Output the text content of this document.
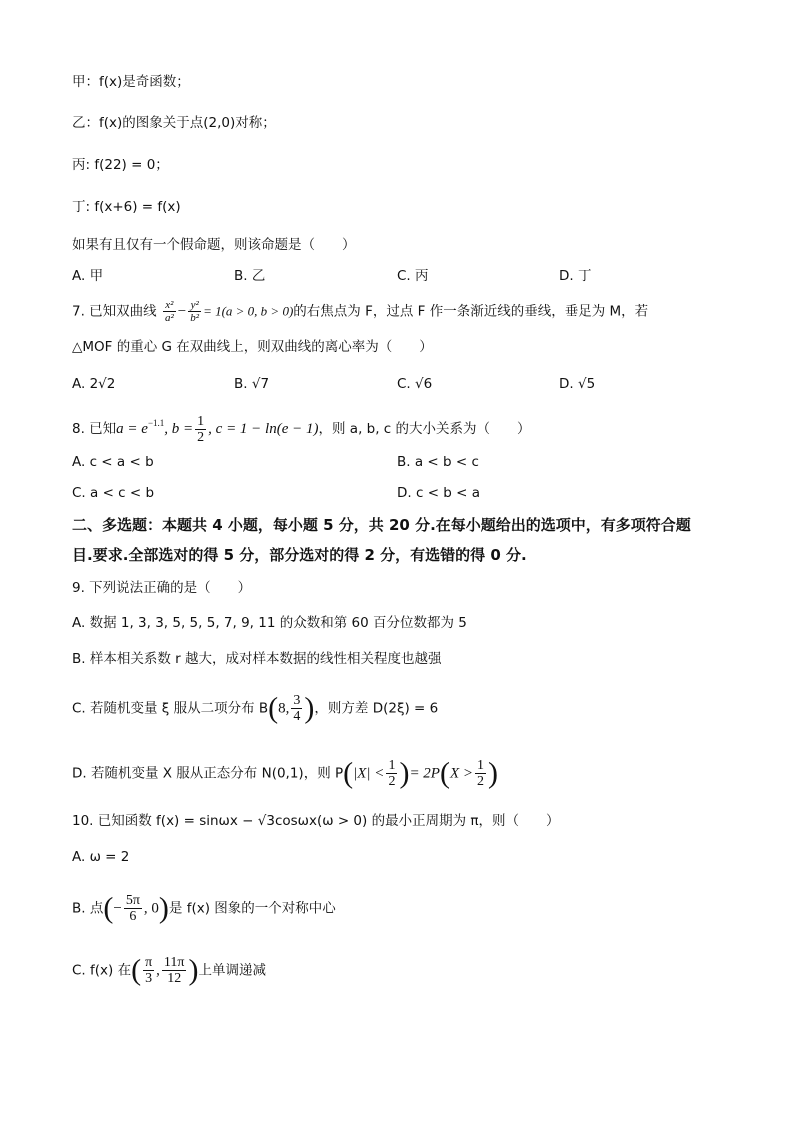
甲：f(x)是奇函数；
乙：f(x)的图象关于点(2,0)对称；
丙: f(22) = 0；
丁: f(x+6) = f(x)
如果有且仅有一个假命题，则该命题是（　　）
A. 甲	B. 乙	C. 丙	D. 丁
7. 已知双曲线 $\frac{\text{x²}}{\text{a²}} - \frac{\text{y²}}{\text{b²}} = 1(a > 0$, b > 0)的右焦点为 F，过点 F 作一条渐近线的垂线，垂足为 M，若
△MOF 的重心 G 在双曲线上，则双曲线的离心率为（　　）
A. 2√2	B. √7	C. √6	D. √5
8. 已知$a = e^{-1.1}$, $b = \frac{1}{2}$ , c = 1 − ln(e − 1)，则 a, b, c 的大小关系为（　　）
A. c < a < b	B. a < b < c
C. a < c < b	D. c < b < a
二、多选题：本题共 4 小题，每小题 5 分，共 20 分.在每小题给出的选项中，有多项符合题
目.要求.全部选对的得 5 分，部分选对的得 2 分，有选错的得 0 分.
9. 下列说法正确的是（　　）
A. 数据 1, 3, 3, 5, 5, 5, 7, 9, 11 的众数和第 60 百分位数都为 5
B. 样本相关系数 r 越大，成对样本数据的线性相关程度也越强
C. 若随机变量 ξ 服从二项分布 B(8, $\frac{3}{4}$ )，则方差 D(2ξ) = 6
D. 若随机变量 X 服从正态分布 N(0,1)，则 $P(|X| < \frac{1}{2}$ )= $2P(X > \frac{1}{2}$ )
10. 已知函数 f(x) = sinωx − √3cosωx(ω > 0) 的最小正周期为 π，则（　　）
A. ω = 2
B. 点(− $\frac{5\pi}{6}$ , 0)是 f(x) 图象的一个对称中心
C. f(x) 在( $\frac{\pi}{3}$ , $\frac{11\pi}{12}$ )上单调递减
